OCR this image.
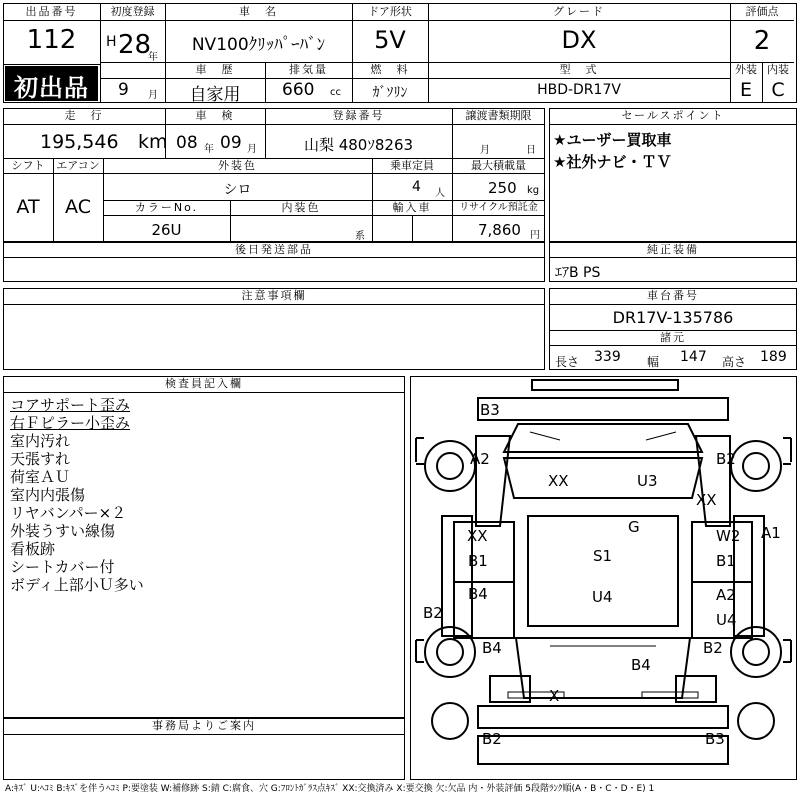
出品番号
112
初出品
初度登録
H 28
年
9 月
車　名
NV100ｸﾘｯﾊﾟｰﾊﾞﾝ
ドア形状
5V
グレード
DX
評価点
2
車　歴
自家用
排気量
660 cc
燃　料
ｶﾞｿﾘﾝ
型　式
HBD-DR17V
外装 内装
E	C
走　行
195,546 km
車　検
08 年 09 月
登録番号
山梨 480ｿ8263
譲渡書類期限
月	日
シフト
AT
エアコン
AC
外装色
シロ
乗車定員
4 人
最大積載量
250 kg
カラーNo.
26U
内装色
系
輸入車	リサイクル預託金
7,860 円
後日発送部品
セールスポイント
★ユーザー買取車
★社外ナビ・ＴＶ
純正装備
ｴｱB PS
注意事項欄	車台番号
DR17V-135786
諸元
長さ 339 幅 147 高さ 189
検査員記入欄
コアサポート歪み
右Ｆピラー小歪み
室内汚れ
天張すれ
荷室ＡＵ
室内内張傷
リヤバンパー×２
外装うすい線傷
看板跡
シートカバー付
ボディ上部小Ｕ多い
事務局よりご案内
B3
A2	B2
XX	U3
XX
G
XX	W2 A1
B1	S1	B1
B4	U4	A2
U4
B2
B4	B2
B4
X
B2	B3
A:ｷｽﾞ U:ﾍｺﾐ B:ｷｽﾞを伴うﾍｺﾐ P:要塗装 W:補修跡 S:錆 C:腐食、穴 G:ﾌﾛﾝﾄｶﾞﾗｽ点ｷｽﾞ XX:交換済み X:要交換 欠:欠品 内・外装評価 5段階ﾗﾝｸ順(A・B・C・D・E) 1
